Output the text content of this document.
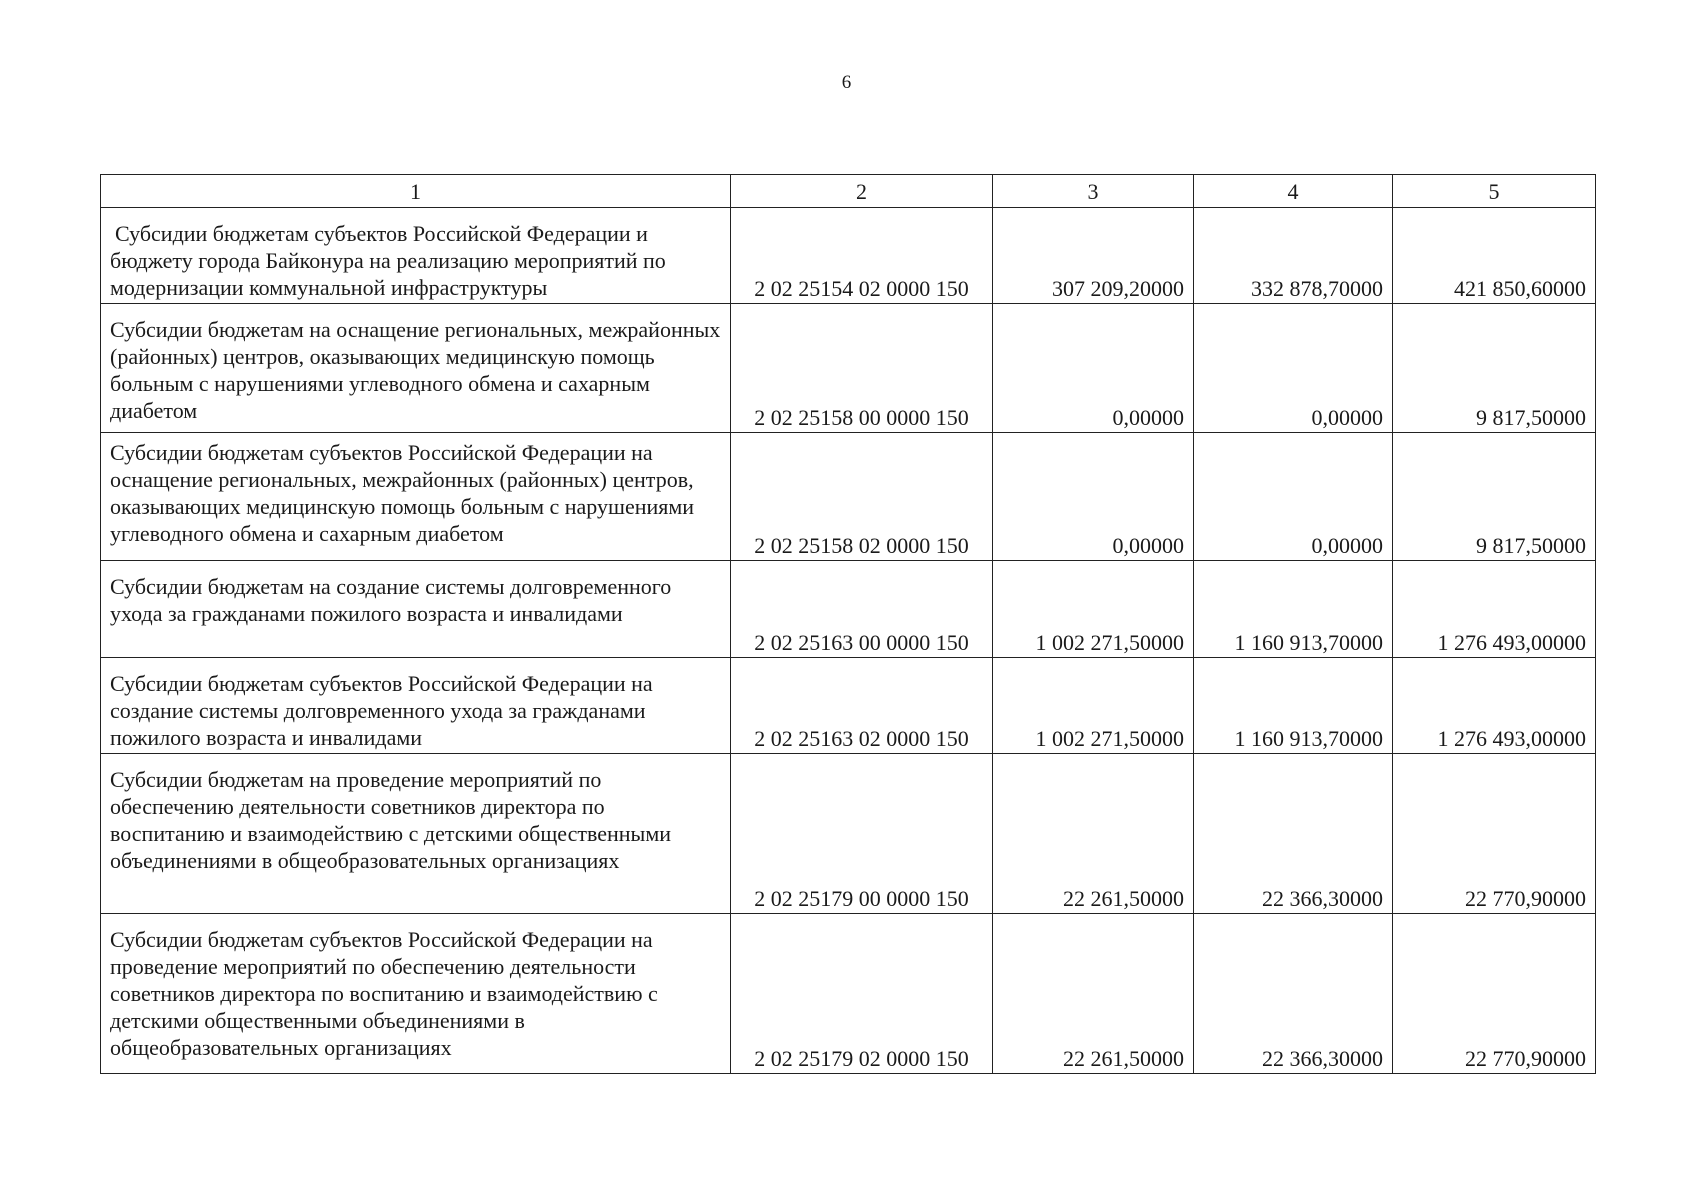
6
1	2	3	4	5
Субсидии бюджетам субъектов Российской Федерации и бюджету города Байконура на реализацию мероприятий по модернизации коммунальной инфраструктуры	2 02 25154 02 0000 150	307 209,20000	332 878,70000	421 850,60000
Субсидии бюджетам на оснащение региональных, межрайонных (районных) центров, оказывающих медицинскую помощь больным с нарушениями углеводного обмена и сахарным диабетом	2 02 25158 00 0000 150	0,00000	0,00000	9 817,50000
Субсидии бюджетам субъектов Российской Федерации на оснащение региональных, межрайонных (районных) центров, оказывающих медицинскую помощь больным с нарушениями углеводного обмена и сахарным диабетом	2 02 25158 02 0000 150	0,00000	0,00000	9 817,50000
Субсидии бюджетам на создание системы долговременного ухода за гражданами пожилого возраста и инвалидами	2 02 25163 00 0000 150	1 002 271,50000	1 160 913,70000	1 276 493,00000
Субсидии бюджетам субъектов Российской Федерации на создание системы долговременного ухода за гражданами пожилого возраста и инвалидами	2 02 25163 02 0000 150	1 002 271,50000	1 160 913,70000	1 276 493,00000
Субсидии бюджетам на проведение мероприятий по обеспечению деятельности советников директора по воспитанию и взаимодействию с детскими общественными объединениями в общеобразовательных организациях	2 02 25179 00 0000 150	22 261,50000	22 366,30000	22 770,90000
Субсидии бюджетам субъектов Российской Федерации на проведение мероприятий по обеспечению деятельности советников директора по воспитанию и взаимодействию с детскими общественными объединениями в общеобразовательных организациях	2 02 25179 02 0000 150	22 261,50000	22 366,30000	22 770,90000
